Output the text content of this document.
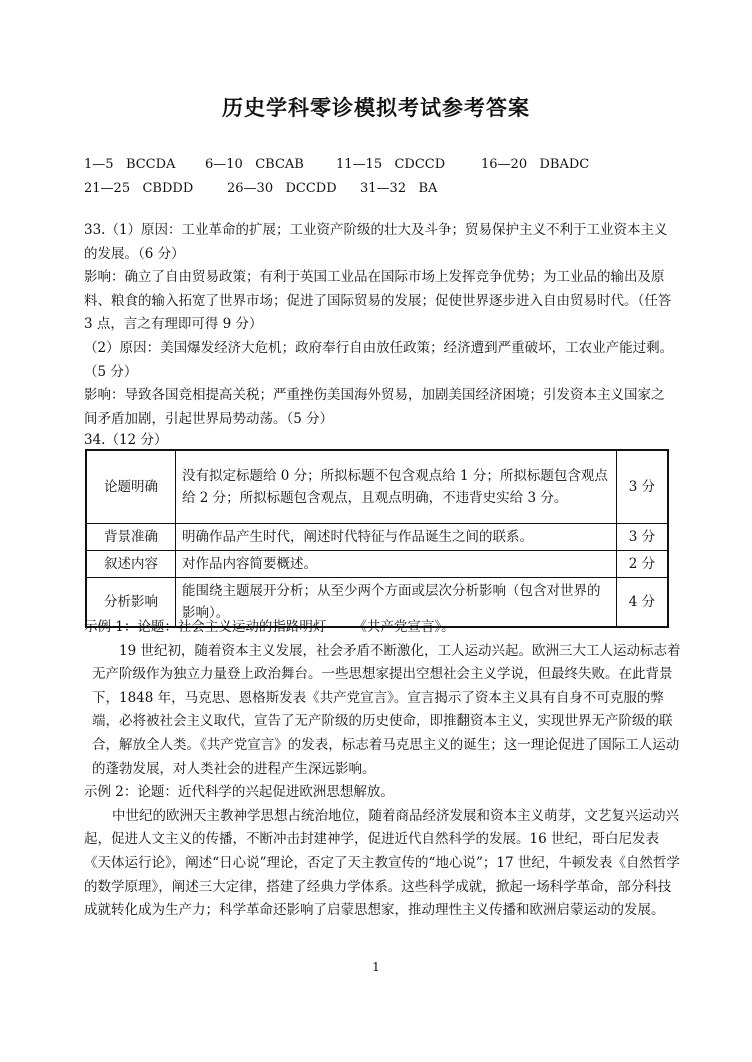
历史学科零诊模拟考试参考答案
1—5   BCCDA	6—10   CBCAB	11—15   CDCCD	16—20   DBADC
21—25   CBDDD	26—30   DCCDD	31—32   BA

33.（1）原因：工业革命的扩展；工业资产阶级的壮大及斗争；贸易保护主义不利于工业资本主义的发展。（6 分）

影响：确立了自由贸易政策；有利于英国工业品在国际市场上发挥竞争优势；为工业品的输出及原料、粮食的输入拓宽了世界市场；促进了国际贸易的发展；促使世界逐步进入自由贸易时代。（任答 3 点，言之有理即可得 9 分）

（2）原因：美国爆发经济大危机；政府奉行自由放任政策；经济遭到严重破坏，工农业产能过剩。（5 分）

影响：导致各国竞相提高关税；严重挫伤美国海外贸易，加剧美国经济困境；引发资本主义国家之间矛盾加剧，引起世界局势动荡。（5 分）

34.（12 分）
论题明确	没有拟定标题给 0 分；所拟标题不包含观点给 1 分；所拟标题包含观点给 2 分；所拟标题包含观点，且观点明确，不违背史实给 3 分。	3 分
背景准确	明确作品产生时代，阐述时代特征与作品诞生之间的联系。	3 分
叙述内容	对作品内容简要概述。	2 分
分析影响	能围绕主题展开分析；从至少两个方面或层次分析影响（包含对世界的影响）。	4 分

示例 1：论题：社会主义运动的指路明灯——《共产党宣言》。

19 世纪初，随着资本主义发展，社会矛盾不断激化，工人运动兴起。欧洲三大工人运动标志着无产阶级作为独立力量登上政治舞台。一些思想家提出空想社会主义学说，但最终失败。在此背景下，1848 年，马克思、恩格斯发表《共产党宣言》。宣言揭示了资本主义具有自身不可克服的弊端，必将被社会主义取代，宣告了无产阶级的历史使命，即推翻资本主义，实现世界无产阶级的联合，解放全人类。《共产党宣言》的发表，标志着马克思主义的诞生；这一理论促进了国际工人运动的蓬勃发展，对人类社会的进程产生深远影响。

示例 2：论题：近代科学的兴起促进欧洲思想解放。

中世纪的欧洲天主教神学思想占统治地位，随着商品经济发展和资本主义萌芽，文艺复兴运动兴起，促进人文主义的传播，不断冲击封建神学，促进近代自然科学的发展。16 世纪，哥白尼发表《天体运行论》，阐述“日心说”理论，否定了天主教宣传的“地心说”；17 世纪，牛顿发表《自然哲学的数学原理》，阐述三大定律，搭建了经典力学体系。这些科学成就，掀起一场科学革命，部分科技成就转化成为生产力；科学革命还影响了启蒙思想家，推动理性主义传播和欧洲启蒙运动的发展。

1
